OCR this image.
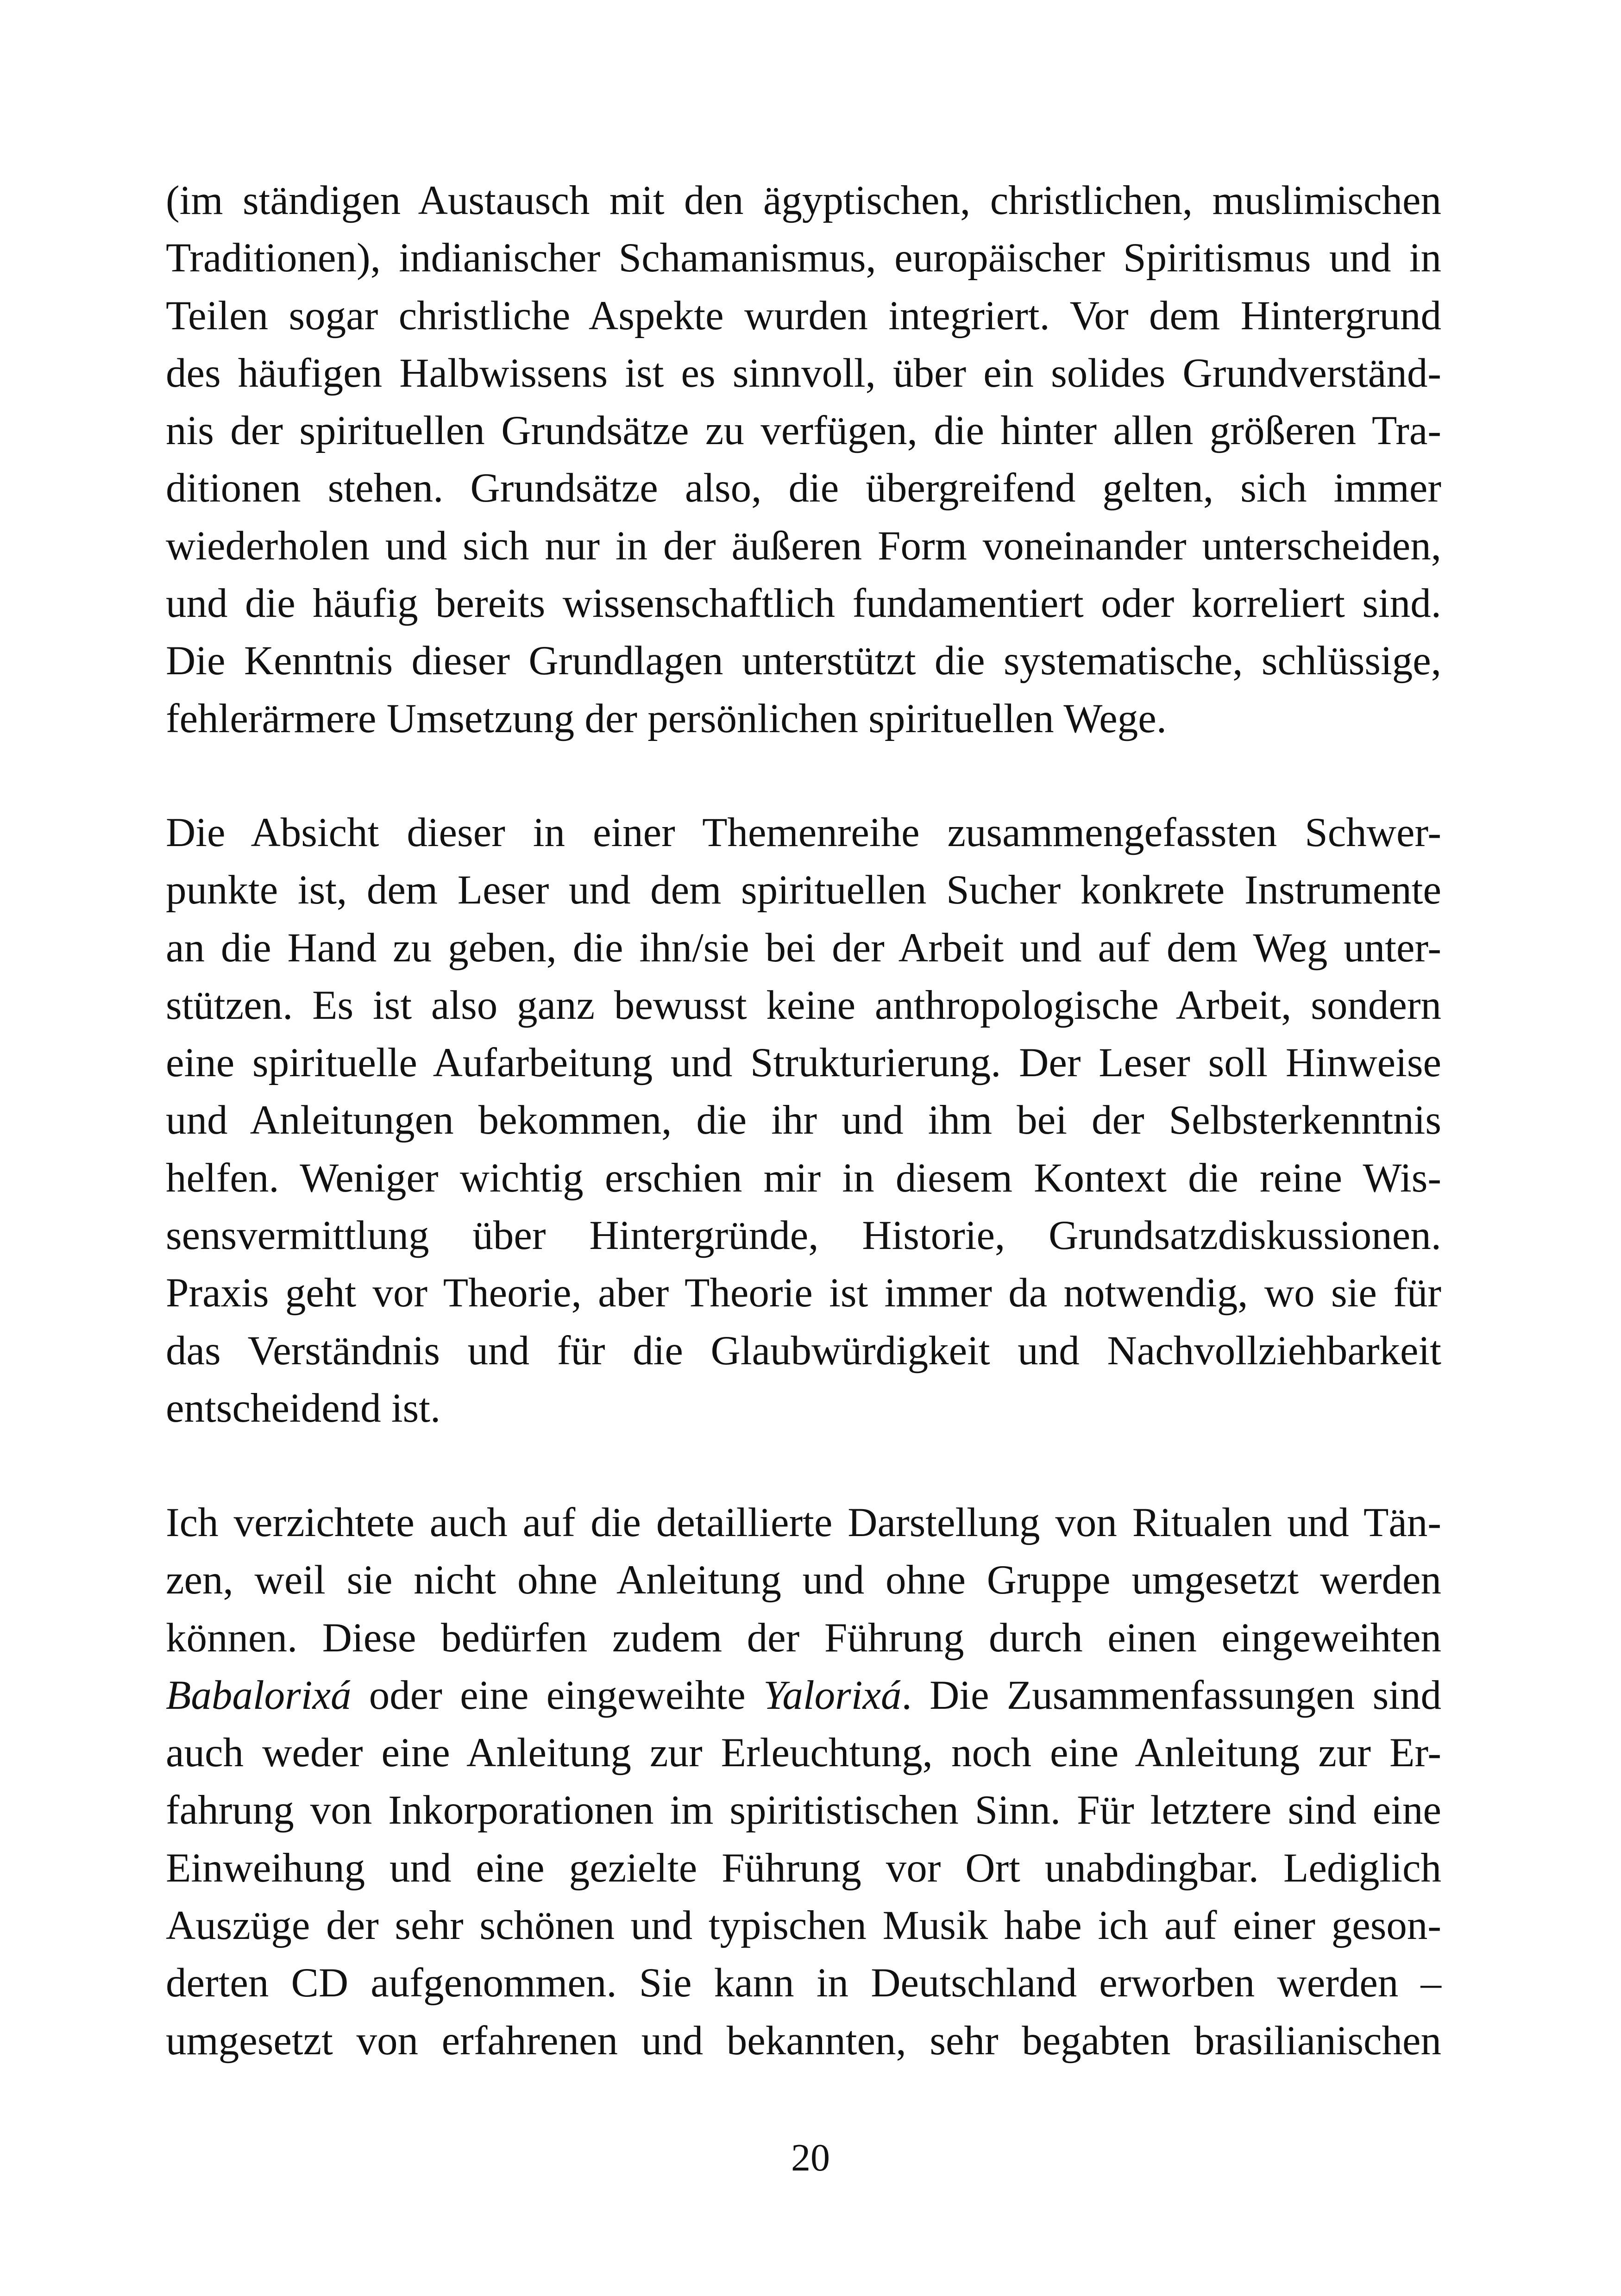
(im ständigen Austausch mit den ägyptischen, christlichen, muslimischen
Traditionen), indianischer Schamanismus, europäischer Spiritismus und in
Teilen sogar christliche Aspekte wurden integriert. Vor dem Hintergrund
des häufigen Halbwissens ist es sinnvoll, über ein solides Grundverständ-
nis der spirituellen Grundsätze zu verfügen, die hinter allen größeren Tra-
ditionen stehen. Grundsätze also, die übergreifend gelten, sich immer
wiederholen und sich nur in der äußeren Form voneinander unterscheiden,
und die häufig bereits wissenschaftlich fundamentiert oder korreliert sind.
Die Kenntnis dieser Grundlagen unterstützt die systematische, schlüssige,
fehlerärmere Umsetzung der persönlichen spirituellen Wege.
Die Absicht dieser in einer Themenreihe zusammengefassten Schwer-
punkte ist, dem Leser und dem spirituellen Sucher konkrete Instrumente
an die Hand zu geben, die ihn/sie bei der Arbeit und auf dem Weg unter-
stützen. Es ist also ganz bewusst keine anthropologische Arbeit, sondern
eine spirituelle Aufarbeitung und Strukturierung. Der Leser soll Hinweise
und Anleitungen bekommen, die ihr und ihm bei der Selbsterkenntnis
helfen. Weniger wichtig erschien mir in diesem Kontext die reine Wis-
sensvermittlung über Hintergründe, Historie, Grundsatzdiskussionen.
Praxis geht vor Theorie, aber Theorie ist immer da notwendig, wo sie für
das Verständnis und für die Glaubwürdigkeit und Nachvollziehbarkeit
entscheidend ist.
Ich verzichtete auch auf die detaillierte Darstellung von Ritualen und Tän-
zen, weil sie nicht ohne Anleitung und ohne Gruppe umgesetzt werden
können. Diese bedürfen zudem der Führung durch einen eingeweihten
Babalorixá oder eine eingeweihte Yalorixá. Die Zusammenfassungen sind
auch weder eine Anleitung zur Erleuchtung, noch eine Anleitung zur Er-
fahrung von Inkorporationen im spiritistischen Sinn. Für letztere sind eine
Einweihung und eine gezielte Führung vor Ort unabdingbar. Lediglich
Auszüge der sehr schönen und typischen Musik habe ich auf einer geson-
derten CD aufgenommen. Sie kann in Deutschland erworben werden –
umgesetzt von erfahrenen und bekannten, sehr begabten brasilianischen
20
